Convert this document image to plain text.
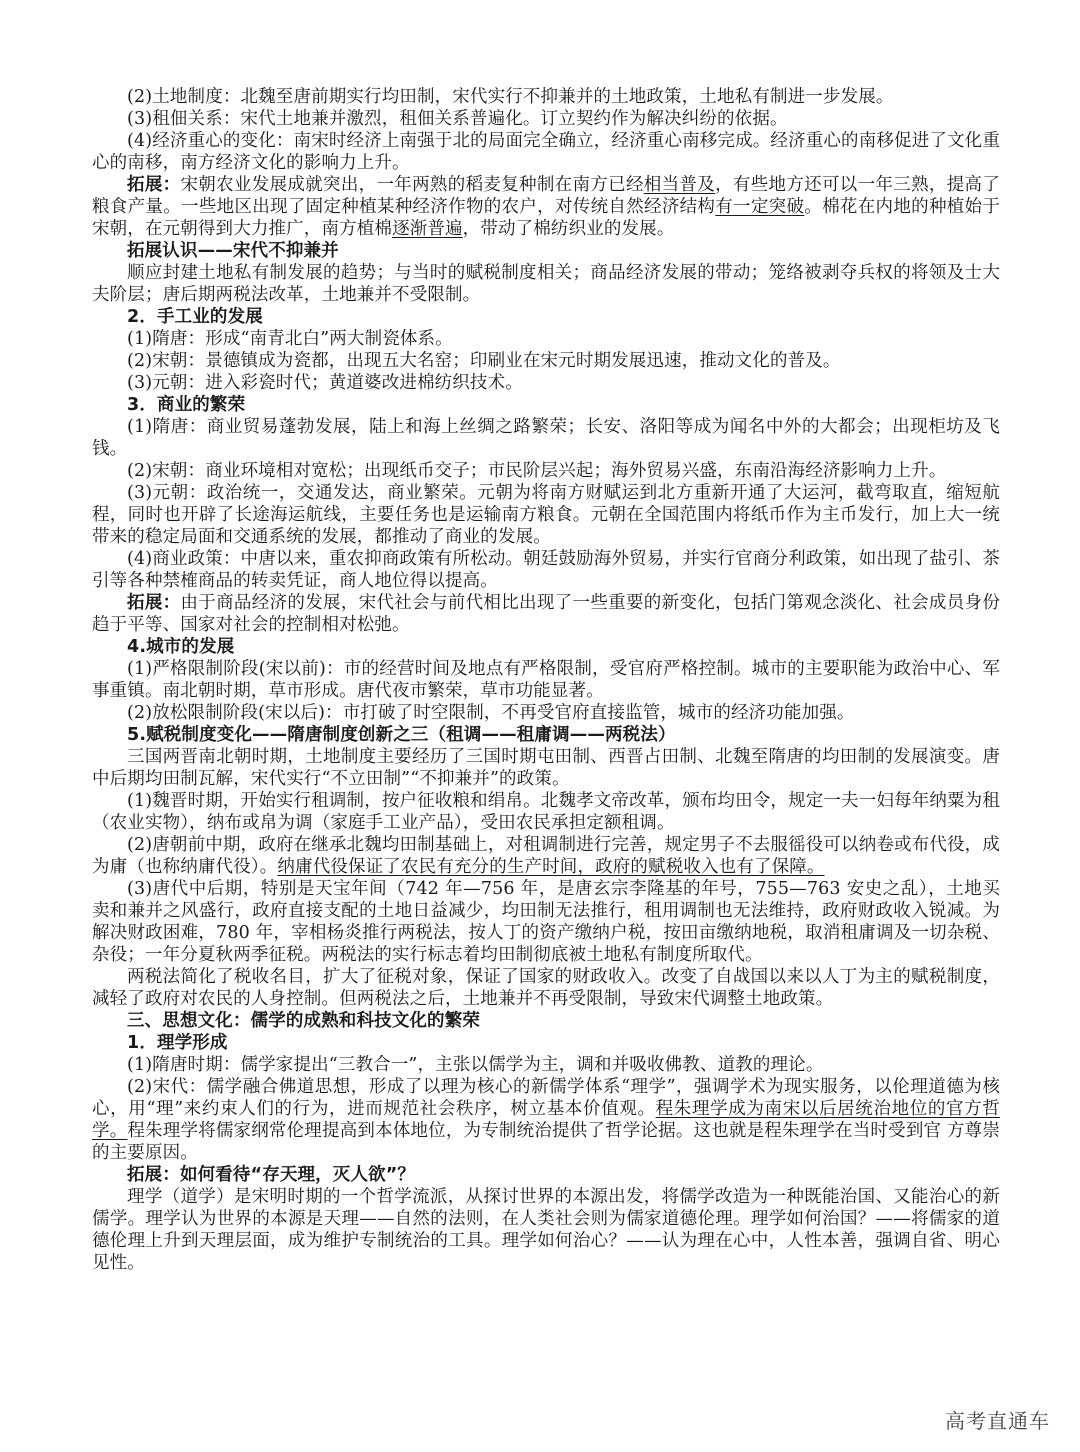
(2)土地制度：北魏至唐前期实行均田制，宋代实行不抑兼并的土地政策，土地私有制进一步发展。

(3)租佃关系：宋代土地兼并激烈，租佃关系普遍化。订立契约作为解决纠纷的依据。

(4)经济重心的变化：南宋时经济上南强于北的局面完全确立，经济重心南移完成。经济重心的南移促进了文化重心的南移，南方经济文化的影响力上升。

拓展：宋朝农业发展成就突出，一年两熟的稻麦复种制在南方已经相当普及，有些地方还可以一年三熟，提高了粮食产量。一些地区出现了固定种植某种经济作物的农户，对传统自然经济结构有一定突破。棉花在内地的种植始于宋朝，在元朝得到大力推广，南方植棉逐渐普遍，带动了棉纺织业的发展。

拓展认识——宋代不抑兼并

顺应封建土地私有制发展的趋势；与当时的赋税制度相关；商品经济发展的带动；笼络被剥夺兵权的将领及士大夫阶层；唐后期两税法改革，土地兼并不受限制。

2．手工业的发展

(1)隋唐：形成“南青北白”两大制瓷体系。

(2)宋朝：景德镇成为瓷都，出现五大名窑；印刷业在宋元时期发展迅速，推动文化的普及。

(3)元朝：进入彩瓷时代；黄道婆改进棉纺织技术。

3．商业的繁荣

(1)隋唐：商业贸易蓬勃发展，陆上和海上丝绸之路繁荣；长安、洛阳等成为闻名中外的大都会；出现柜坊及飞钱。

(2)宋朝：商业环境相对宽松；出现纸币交子；市民阶层兴起；海外贸易兴盛，东南沿海经济影响力上升。

(3)元朝：政治统一，交通发达，商业繁荣。元朝为将南方财赋运到北方重新开通了大运河，截弯取直，缩短航程，同时也开辟了长途海运航线，主要任务也是运输南方粮食。元朝在全国范围内将纸币作为主币发行，加上大一统带来的稳定局面和交通系统的发展，都推动了商业的发展。

(4)商业政策：中唐以来，重农抑商政策有所松动。朝廷鼓励海外贸易，并实行官商分利政策，如出现了盐引、茶引等各种禁榷商品的转卖凭证，商人地位得以提高。

拓展：由于商品经济的发展，宋代社会与前代相比出现了一些重要的新变化，包括门第观念淡化、社会成员身份趋于平等、国家对社会的控制相对松弛。

4.城市的发展

(1)严格限制阶段(宋以前)：市的经营时间及地点有严格限制，受官府严格控制。城市的主要职能为政治中心、军事重镇。南北朝时期，草市形成。唐代夜市繁荣，草市功能显著。

(2)放松限制阶段(宋以后)：市打破了时空限制，不再受官府直接监管，城市的经济功能加强。

5.赋税制度变化——隋唐制度创新之三（租调——租庸调——两税法）

三国两晋南北朝时期，土地制度主要经历了三国时期屯田制、西晋占田制、北魏至隋唐的均田制的发展演变。唐中后期均田制瓦解，宋代实行“不立田制”“不抑兼并”的政策。

(1)魏晋时期，开始实行租调制，按户征收粮和绢帛。北魏孝文帝改革，颁布均田令，规定一夫一妇每年纳粟为租（农业实物），纳布或帛为调（家庭手工业产品），受田农民承担定额租调。

(2)唐朝前中期，政府在继承北魏均田制基础上，对租调制进行完善，规定男子不去服徭役可以纳卷或布代役，成为庸（也称纳庸代役）。纳庸代役保证了农民有充分的生产时间，政府的赋税收入也有了保障。

(3)唐代中后期，特别是天宝年间（742 年—756 年，是唐玄宗李隆基的年号，755—763 安史之乱），土地买卖和兼并之风盛行，政府直接支配的土地日益减少，均田制无法推行，租用调制也无法维持，政府财政收入锐减。为解决财政困难，780 年，宰相杨炎推行两税法，按人丁的资产缴纳户税，按田亩缴纳地税，取消租庸调及一切杂税、杂役；一年分夏秋两季征税。两税法的实行标志着均田制彻底被土地私有制度所取代。

两税法简化了税收名目，扩大了征税对象，保证了国家的财政收入。改变了自战国以来以人丁为主的赋税制度，减轻了政府对农民的人身控制。但两税法之后，土地兼并不再受限制，导致宋代调整土地政策。

三、思想文化：儒学的成熟和科技文化的繁荣

1．理学形成

(1)隋唐时期：儒学家提出“三教合一”，主张以儒学为主，调和并吸收佛教、道教的理论。

(2)宋代：儒学融合佛道思想，形成了以理为核心的新儒学体系“理学”，强调学术为现实服务，以伦理道德为核心，用“理”来约束人们的行为，进而规范社会秩序，树立基本价值观。程朱理学成为南宋以后居统治地位的官方哲学。程朱理学将儒家纲常伦理提高到本体地位，为专制统治提供了哲学论据。这也就是程朱理学在当时受到官 方尊崇的主要原因。

拓展：如何看待“存天理，灭人欲”？

理学（道学）是宋明时期的一个哲学流派，从探讨世界的本源出发，将儒学改造为一种既能治国、又能治心的新儒学。理学认为世界的本源是天理——自然的法则，在人类社会则为儒家道德伦理。理学如何治国？——将儒家的道德伦理上升到天理层面，成为维护专制统治的工具。理学如何治心？——认为理在心中，人性本善，强调自省、明心见性。

高考直通车
